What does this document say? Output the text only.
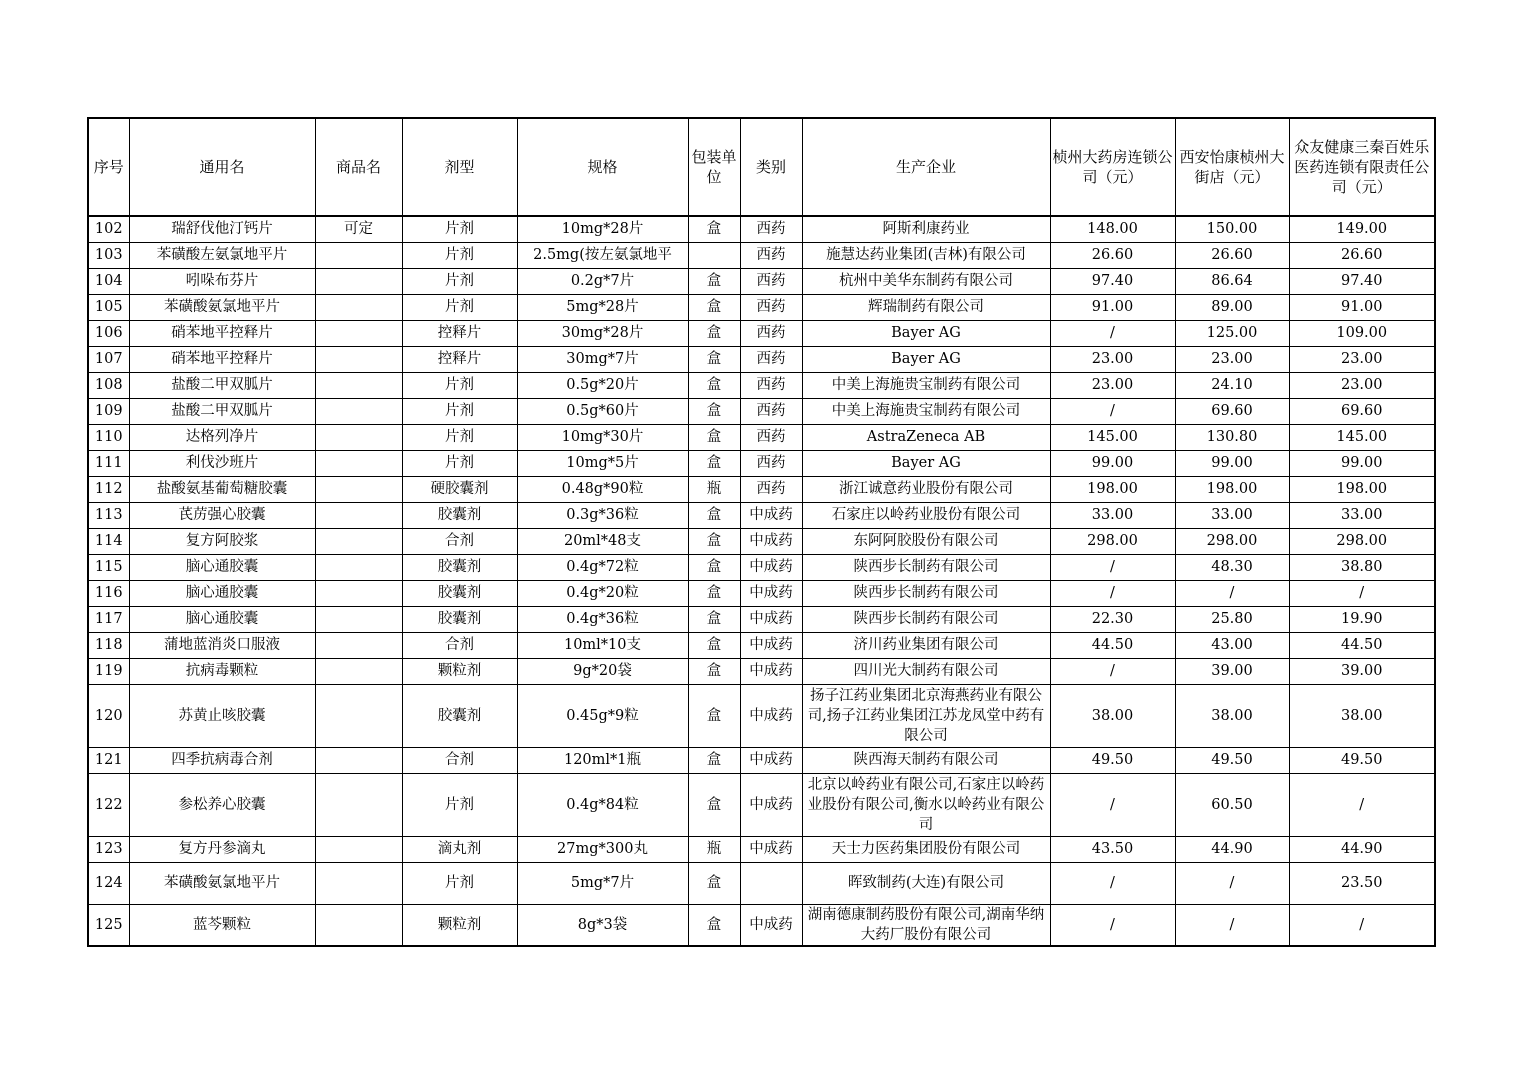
序号	通用名	商品名	剂型	规格	包装单位	类别	生产企业	桢州大药房连锁公司（元）	西安怡康桢州大街店（元）	众友健康三秦百姓乐医药连锁有限责任公司（元）
102	瑞舒伐他汀钙片	可定	片剂	10mg*28片	盒	西药	阿斯利康药业	148.00	150.00	149.00
103	苯磺酸左氨氯地平片		片剂	2.5mg(按左氨氯地平		西药	施慧达药业集团(吉林)有限公司	26.60	26.60	26.60
104	吲哚布芬片		片剂	0.2g*7片	盒	西药	杭州中美华东制药有限公司	97.40	86.64	97.40
105	苯磺酸氨氯地平片		片剂	5mg*28片	盒	西药	辉瑞制药有限公司	91.00	89.00	91.00
106	硝苯地平控释片		控释片	30mg*28片	盒	西药	Bayer AG	/	125.00	109.00
107	硝苯地平控释片		控释片	30mg*7片	盒	西药	Bayer AG	23.00	23.00	23.00
108	盐酸二甲双胍片		片剂	0.5g*20片	盒	西药	中美上海施贵宝制药有限公司	23.00	24.10	23.00
109	盐酸二甲双胍片		片剂	0.5g*60片	盒	西药	中美上海施贵宝制药有限公司	/	69.60	69.60
110	达格列净片		片剂	10mg*30片	盒	西药	AstraZeneca AB	145.00	130.80	145.00
111	利伐沙班片		片剂	10mg*5片	盒	西药	Bayer AG	99.00	99.00	99.00
112	盐酸氨基葡萄糖胶囊		硬胶囊剂	0.48g*90粒	瓶	西药	浙江诚意药业股份有限公司	198.00	198.00	198.00
113	芪苈强心胶囊		胶囊剂	0.3g*36粒	盒	中成药	石家庄以岭药业股份有限公司	33.00	33.00	33.00
114	复方阿胶浆		合剂	20ml*48支	盒	中成药	东阿阿胶股份有限公司	298.00	298.00	298.00
115	脑心通胶囊		胶囊剂	0.4g*72粒	盒	中成药	陕西步长制药有限公司	/	48.30	38.80
116	脑心通胶囊		胶囊剂	0.4g*20粒	盒	中成药	陕西步长制药有限公司	/	/	/
117	脑心通胶囊		胶囊剂	0.4g*36粒	盒	中成药	陕西步长制药有限公司	22.30	25.80	19.90
118	蒲地蓝消炎口服液		合剂	10ml*10支	盒	中成药	济川药业集团有限公司	44.50	43.00	44.50
119	抗病毒颗粒		颗粒剂	9g*20袋	盒	中成药	四川光大制药有限公司	/	39.00	39.00
120	苏黄止咳胶囊		胶囊剂	0.45g*9粒	盒	中成药	扬子江药业集团北京海燕药业有限公司,扬子江药业集团江苏龙凤堂中药有限公司	38.00	38.00	38.00
121	四季抗病毒合剂		合剂	120ml*1瓶	盒	中成药	陕西海天制药有限公司	49.50	49.50	49.50
122	参松养心胶囊		片剂	0.4g*84粒	盒	中成药	北京以岭药业有限公司,石家庄以岭药业股份有限公司,衡水以岭药业有限公司	/	60.50	/
123	复方丹参滴丸		滴丸剂	27mg*300丸	瓶	中成药	天士力医药集团股份有限公司	43.50	44.90	44.90
124	苯磺酸氨氯地平片		片剂	5mg*7片	盒		晖致制药(大连)有限公司	/	/	23.50
125	蓝芩颗粒		颗粒剂	8g*3袋	盒	中成药	湖南德康制药股份有限公司,湖南华纳大药厂股份有限公司	/	/	/
